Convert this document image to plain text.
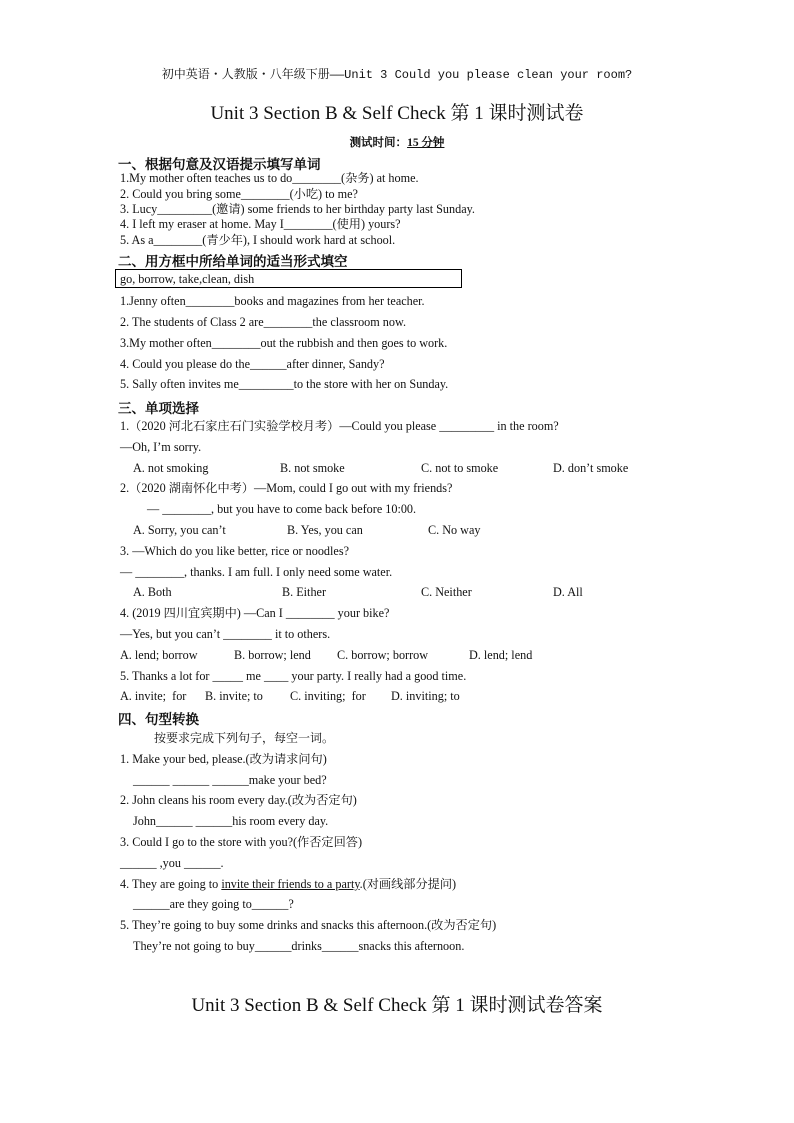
初中英语・人教版・八年级下册——Unit 3 Could you please clean your room?
Unit 3 Section B & Self Check 第 1 课时测试卷
测试时间：15 分钟
一、根据句意及汉语提示填写单词
1.My mother often teaches us to do________(杂务) at home.
2. Could you bring some________(小吃) to me?
3. Lucy_________(邀请) some friends to her birthday party last Sunday.
4. I left my eraser at home. May I________(使用) yours?
5. As a________(青少年), I should work hard at school.
二、用方框中所给单词的适当形式填空
go, borrow, take,clean, dish
1.Jenny often________books and magazines from her teacher.
2. The students of Class 2 are________the classroom now.
3.My mother often________out the rubbish and then goes to work.
4. Could you please do the______after dinner, Sandy?
5. Sally often invites me_________to the store with her on Sunday.
三、单项选择
1.（2020 河北石家庄石门实验学校月考）—Could you please _________ in the room?
—Oh, I’m sorry.
A. not smoking	B. not smoke	C. not to smoke	D. don’t smoke
2.（2020 湖南怀化中考）—Mom, could I go out with my friends?
— ________, but you have to come back before 10:00.
A. Sorry, you can’t	B. Yes, you can	C. No way
3. —Which do you like better, rice or noodles?
— ________, thanks. I am full. I only need some water.
A. Both	B. Either	C. Neither	D. All
4. (2019 四川宜宾期中) —Can I ________ your bike?
—Yes, but you can’t ________ it to others.
A. lend; borrow	B. borrow; lend C. borrow; borrow	D. lend; lend
5. Thanks a lot for _____ me ____ your party. I really had a good time.
A. invite;  for B. invite; to C. inviting;  for D. inviting; to
四、句型转换
按要求完成下列句子，每空一词。
1. Make your bed, please.(改为请求问句)
______ ______ ______make your bed?
2. John cleans his room every day.(改为否定句)
John______ ______his room every day.
3. Could I go to the store with you?(作否定回答)
______ ,you ______.
4. They are going to invite their friends to a party.(对画线部分提问)
______are they going to______?
5. They’re going to buy some drinks and snacks this afternoon.(改为否定句)
They’re not going to buy______drinks______snacks this afternoon.
Unit 3 Section B & Self Check 第 1 课时测试卷答案
